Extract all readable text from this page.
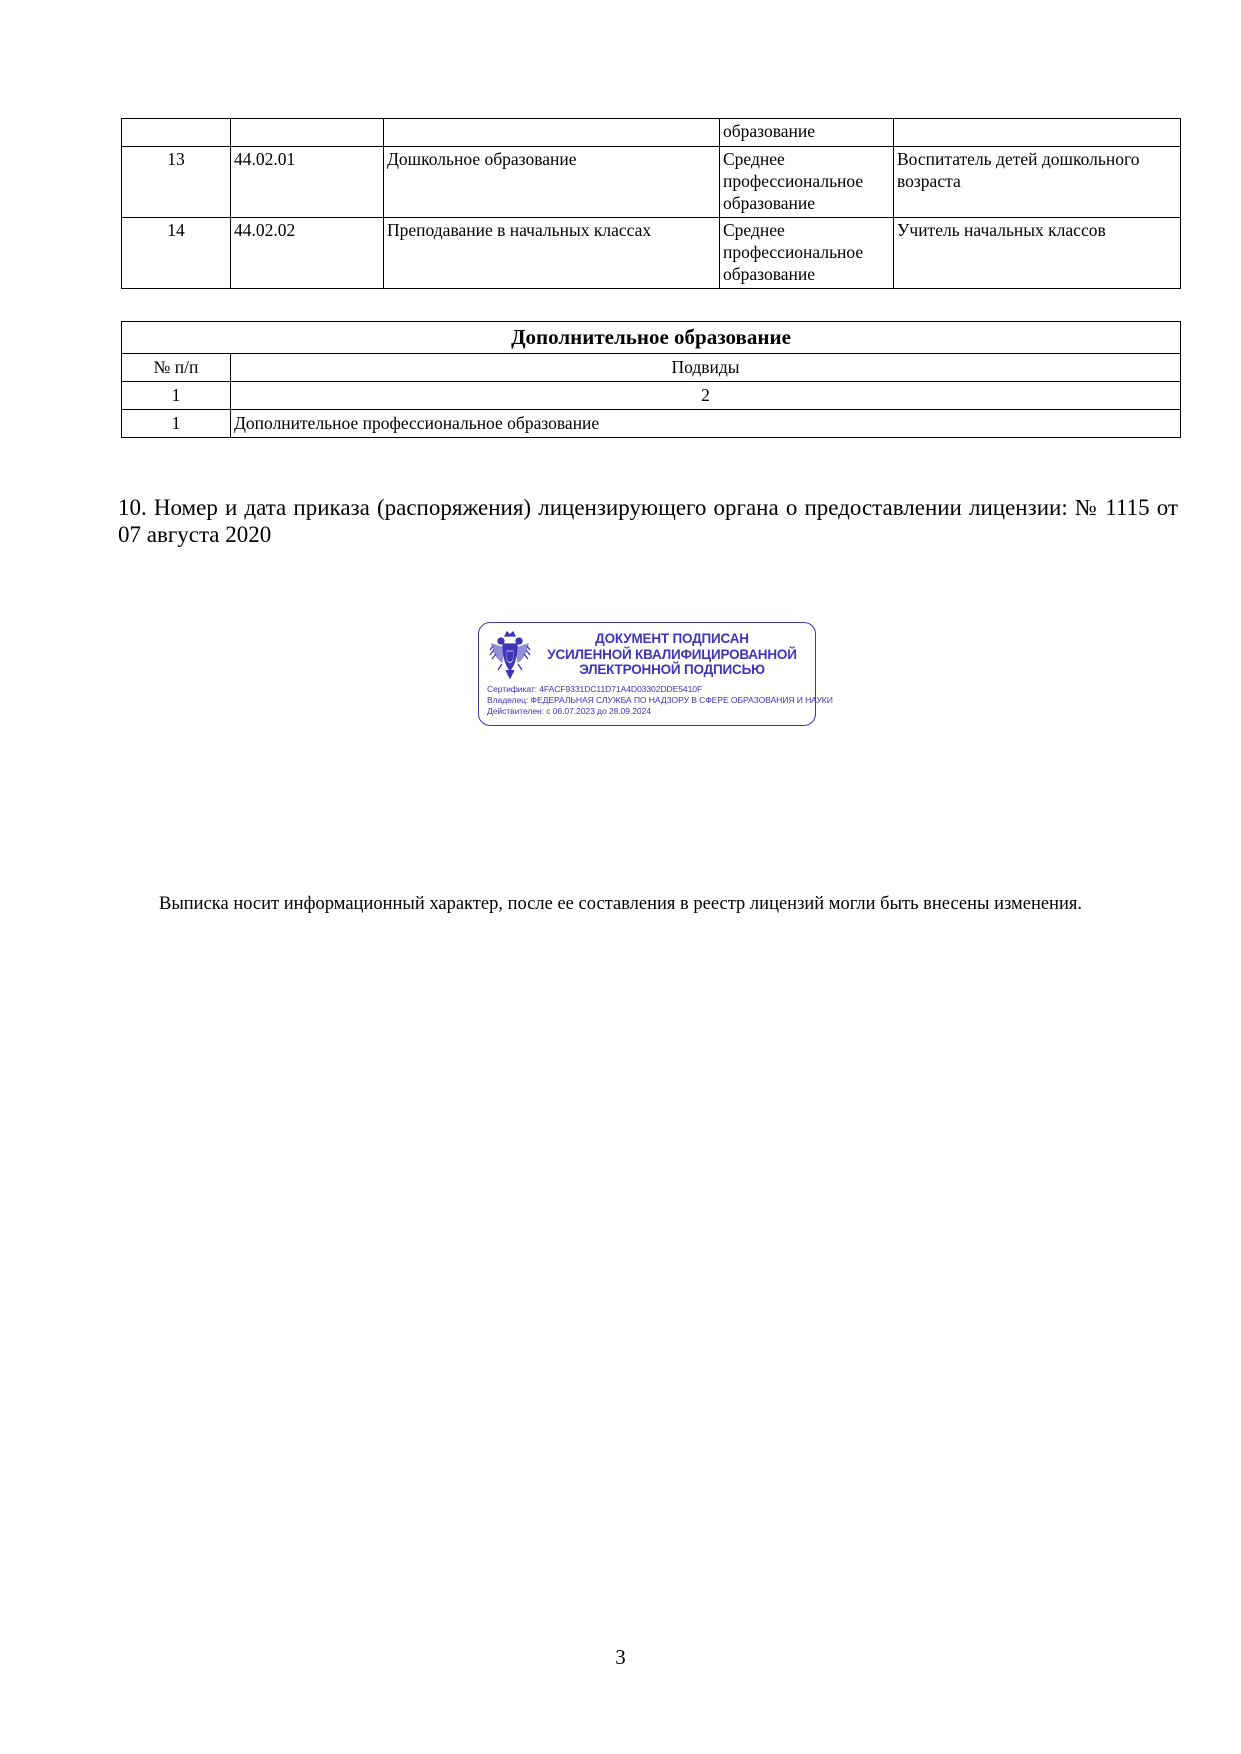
			образование	
13	44.02.01	Дошкольное образование	Среднее профессиональное образование	Воспитатель детей дошкольного возраста
14	44.02.02	Преподавание в начальных классах	Среднее профессиональное образование	Учитель начальных классов
Дополнительное образование	
№ п/п	Подвиды
1	2
1	Дополнительное профессиональное образование
10. Номер и дата приказа (распоряжения) лицензирующего органа о предоставлении лицензии: № 1115 от 07 августа 2020
ДОКУМЕНТ ПОДПИСАН
УСИЛЕННОЙ КВАЛИФИЦИРОВАННОЙ
ЭЛЕКТРОННОЙ ПОДПИСЬЮ
Сертификат: 4FACF9331DC11D71A4D03302DDE5410F
Владелец: ФЕДЕРАЛЬНАЯ СЛУЖБА ПО НАДЗОРУ В СФЕРЕ ОБРАЗОВАНИЯ И НАУКИ
Действителен: с 06.07.2023 до 28.09.2024
Выписка носит информационный характер, после ее составления в реестр лицензий могли быть внесены изменения.
3
